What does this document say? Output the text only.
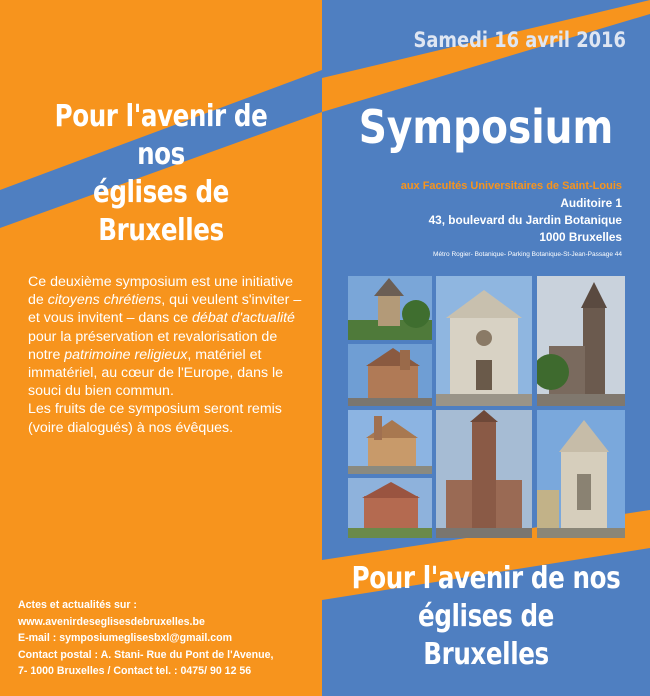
Pour l'avenir de nos
églises de Bruxelles
Ce deuxième symposium est une initiative de citoyens chrétiens, qui veulent s'inviter – et vous invitent – dans ce débat d'actualité pour la préservation et revalorisation de notre patrimoine religieux, matériel et immatériel, au cœur de l'Europe, dans le souci du bien commun.
Les fruits de ce symposium seront remis (voire dialogués) à nos évêques.
Actes et actualités sur :
www.avenirdeseglisesdebruxelles.be
E-mail : symposiumeglisesbxl@gmail.com
Contact postal : A. Stani- Rue du Pont de l'Avenue,
7- 1000 Bruxelles / Contact tel. : 0475/ 90 12 56
Samedi 16 avril 2016
Symposium
aux Facultés Universitaires de Saint-Louis
Auditoire 1
43, boulevard du Jardin Botanique
1000 Bruxelles
Métro Rogier- Botanique- Parking Botanique-St-Jean-Passage 44
Pour l'avenir de nos
églises de Bruxelles
